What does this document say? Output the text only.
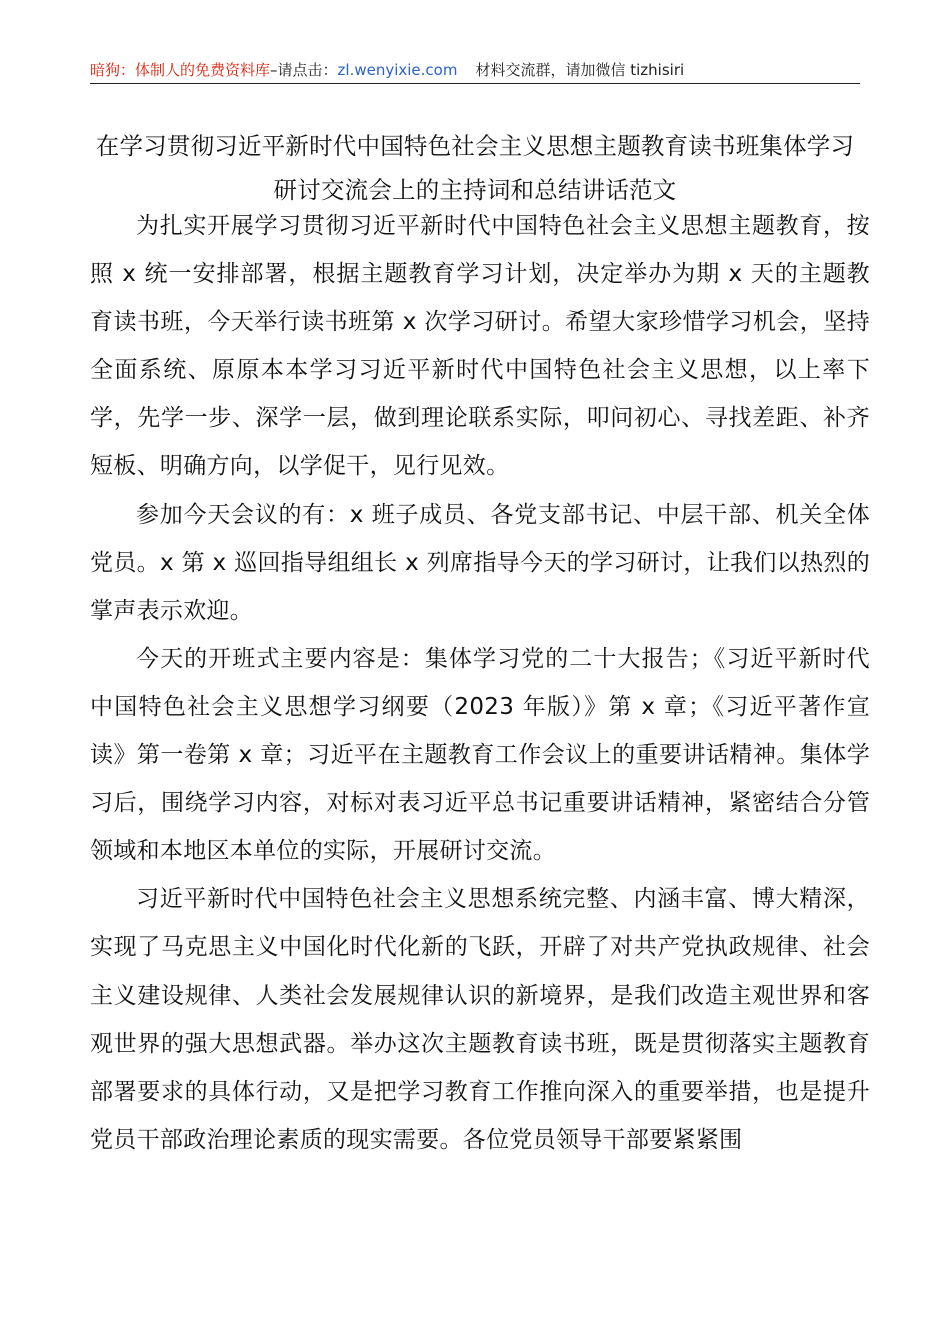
暗狗：体制人的免费资料库–请点击：zl.wenyixie.com 材料交流群，请加微信 tizhisiri
在学习贯彻习近平新时代中国特色社会主义思想主题教育读书班集体学习
研讨交流会上的主持词和总结讲话范文

为扎实开展学习贯彻习近平新时代中国特色社会主义思想主题教育，按照 x 统一安排部署，根据主题教育学习计划，决定举办为期 x 天的主题教育读书班，今天举行读书班第 x 次学习研讨。希望大家珍惜学习机会，坚持全面系统、原原本本学习习近平新时代中国特色社会主义思想，以上率下学，先学一步、深学一层，做到理论联系实际，叩问初心、寻找差距、补齐短板、明确方向，以学促干，见行见效。

参加今天会议的有：x 班子成员、各党支部书记、中层干部、机关全体党员。x 第 x 巡回指导组组长 x 列席指导今天的学习研讨，让我们以热烈的掌声表示欢迎。

今天的开班式主要内容是：集体学习党的二十大报告；《习近平新时代中国特色社会主义思想学习纲要（2023 年版）》第 x 章；《习近平著作宣读》第一卷第 x 章；习近平在主题教育工作会议上的重要讲话精神。集体学习后，围绕学习内容，对标对表习近平总书记重要讲话精神，紧密结合分管领域和本地区本单位的实际，开展研讨交流。

习近平新时代中国特色社会主义思想系统完整、内涵丰富、博大精深，实现了马克思主义中国化时代化新的飞跃，开辟了对共产党执政规律、社会主义建设规律、人类社会发展规律认识的新境界，是我们改造主观世界和客观世界的强大思想武器。举办这次主题教育读书班，既是贯彻落实主题教育部署要求的具体行动，又是把学习教育工作推向深入的重要举措，也是提升党员干部政治理论素质的现实需要。各位党员领导干部要紧紧围
